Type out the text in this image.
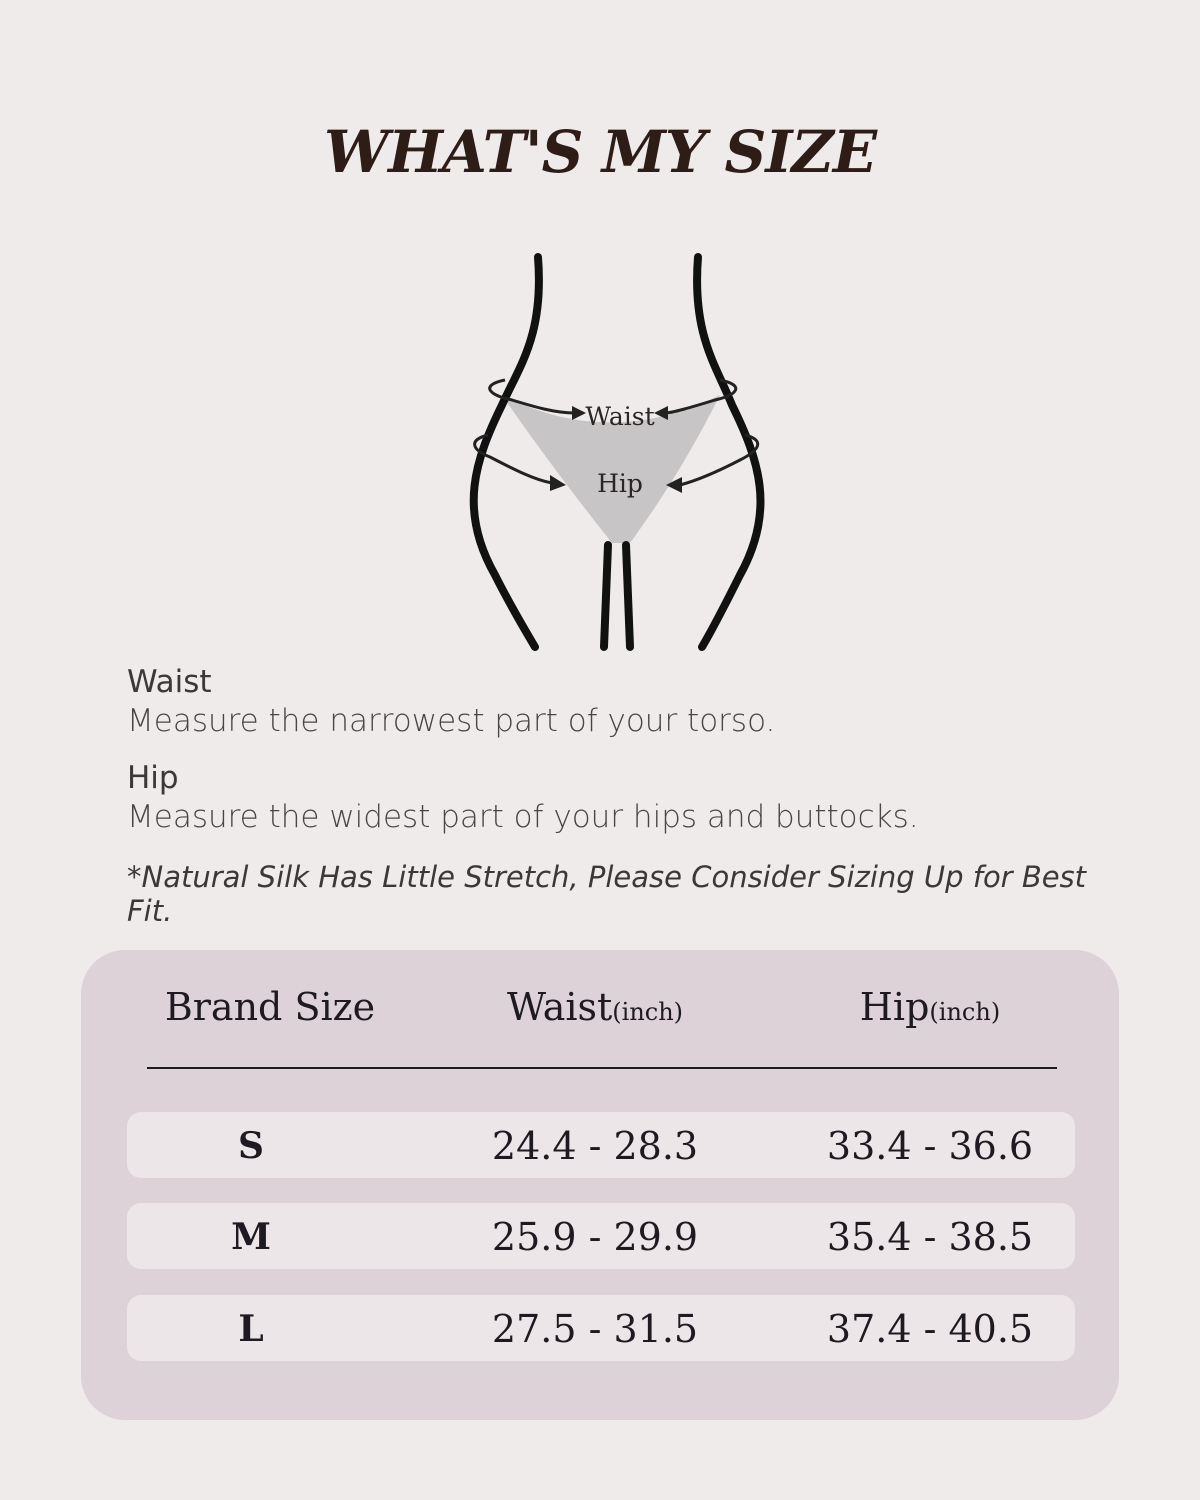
WHAT'S MY SIZE
Waist
Hip

Waist

Measure the narrowest part of your torso.

Hip

Measure the widest part of your hips and buttocks.

*Natural Silk Has Little Stretch, Please Consider Sizing Up for Best Fit.

Brand Size	Waist(inch)	Hip(inch)
S	24.4 - 28.3	33.4 - 36.6
M	25.9 - 29.9	35.4 - 38.5
L	27.5 - 31.5	37.4 - 40.5
